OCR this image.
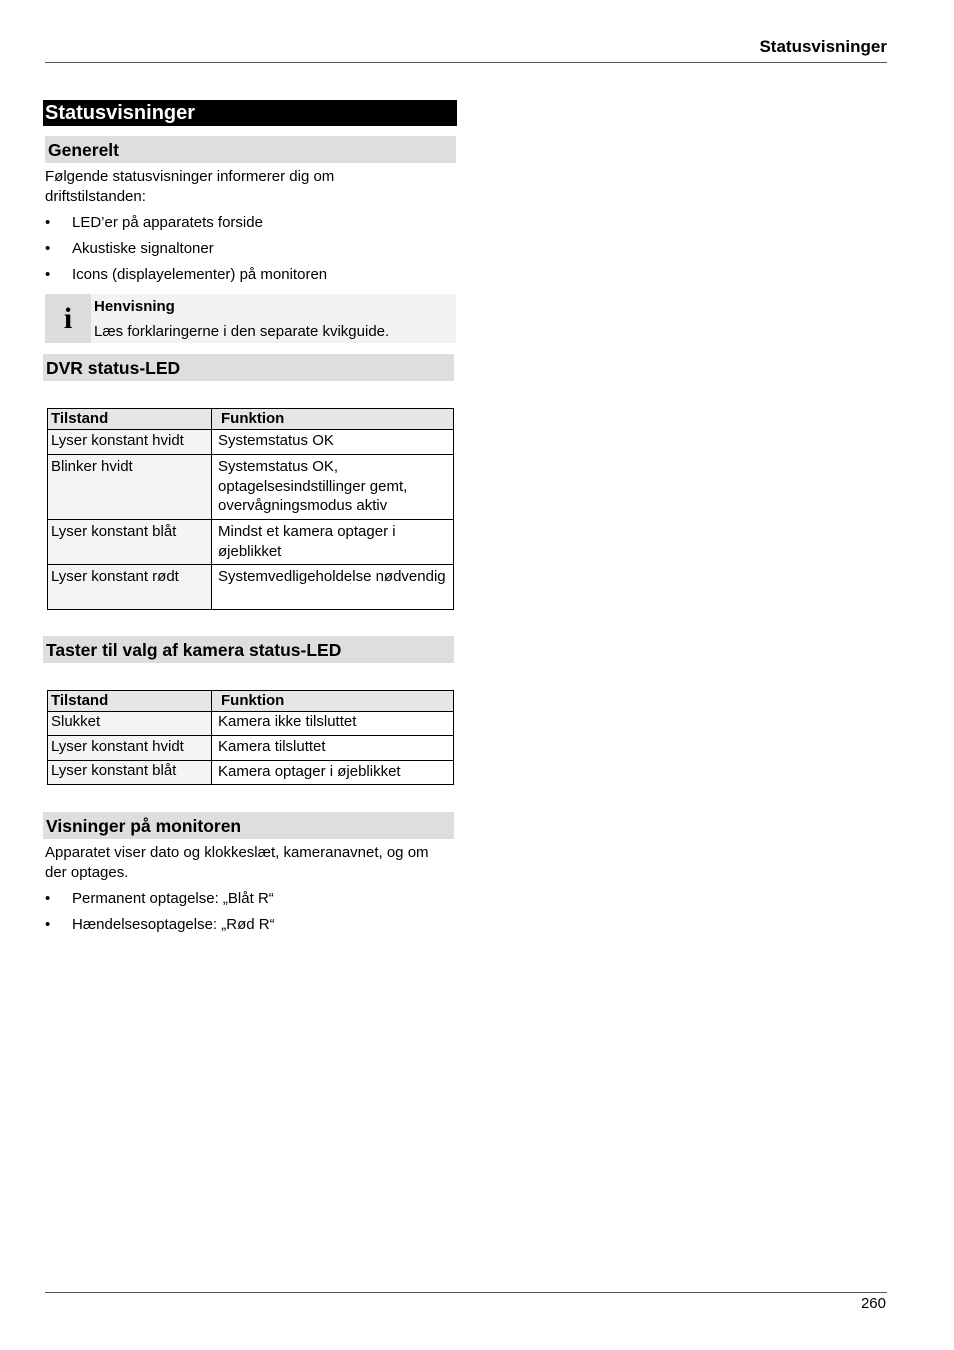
Statusvisninger
Statusvisninger
Generelt

Følgende statusvisninger informerer dig om driftstilstanden:

• LED’er på apparatets forside
• Akustiske signaltoner
• Icons (displayelementer) på monitoren
i	Henvisning
Læs forklaringerne i den separate kvikguide.
DVR status-LED
Tilstand	Funktion
Lyser konstant hvidt	Systemstatus OK
Blinker hvidt	Systemstatus OK, optagelsesindstillinger gemt, overvågningsmodus aktiv
Lyser konstant blåt	Mindst et kamera optager i øjeblikket
Lyser konstant rødt	Systemvedligeholdelse nødvendig
Taster til valg af kamera status-LED
Tilstand	Funktion
Slukket	Kamera ikke tilsluttet
Lyser konstant hvidt	Kamera tilsluttet
Lyser konstant blåt	Kamera optager i øjeblikket
Visninger på monitoren

Apparatet viser dato og klokkeslæt, kameranavnet, og om der optages.

• Permanent optagelse: „Blåt R“
• Hændelsesoptagelse: „Rød R“
260
